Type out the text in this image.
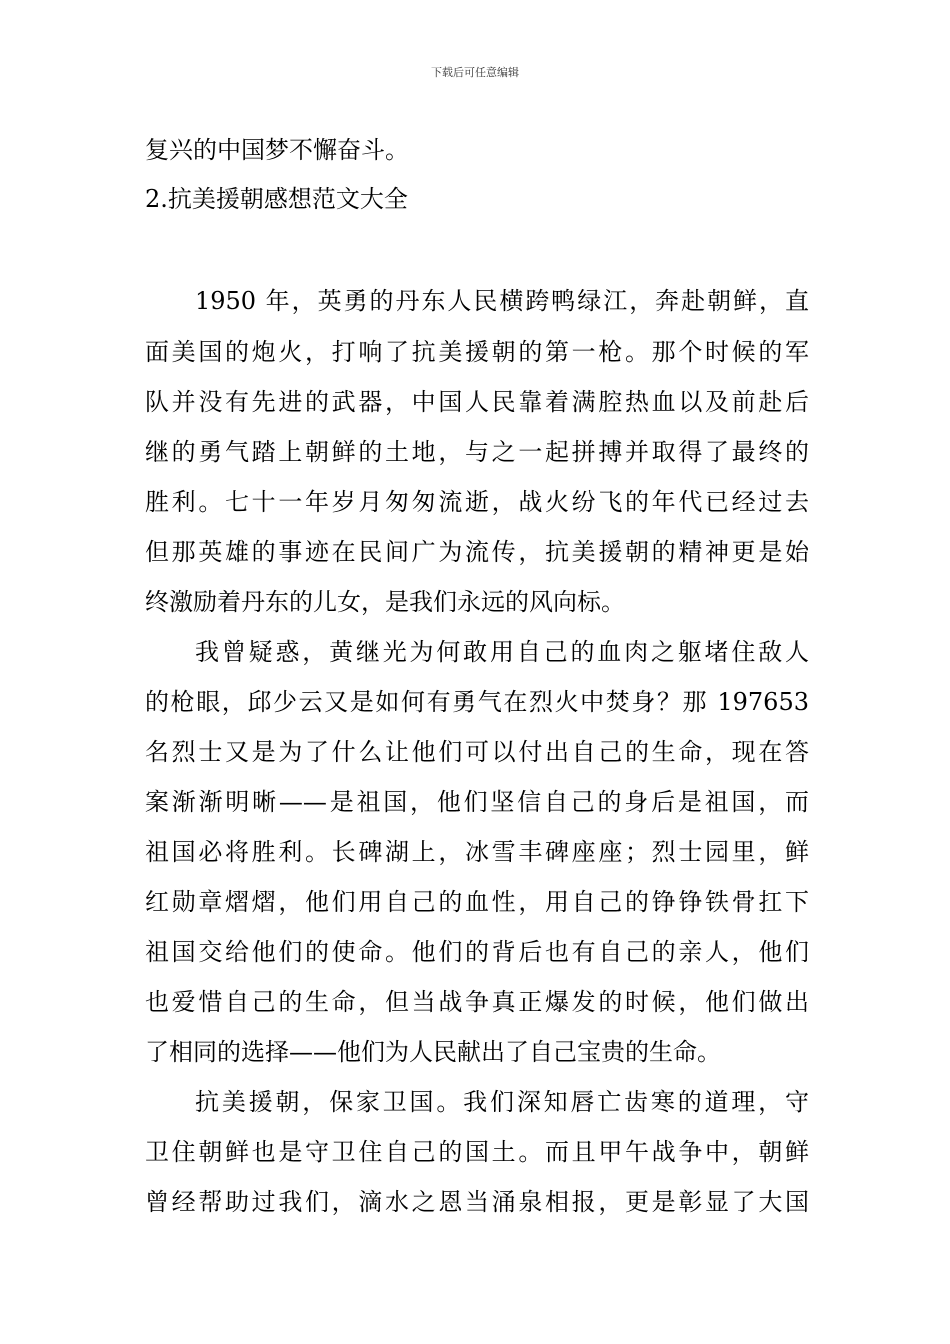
下载后可任意编辑
复兴的中国梦不懈奋斗。
2.抗美援朝感想范文大全
1950 年，英勇的丹东人民横跨鸭绿江，奔赴朝鲜，直
面美国的炮火，打响了抗美援朝的第一枪。那个时候的军
队并没有先进的武器，中国人民靠着满腔热血以及前赴后
继的勇气踏上朝鲜的土地，与之一起拼搏并取得了最终的
胜利。七十一年岁月匆匆流逝，战火纷飞的年代已经过去
但那英雄的事迹在民间广为流传，抗美援朝的精神更是始
终激励着丹东的儿女，是我们永远的风向标。
我曾疑惑，黄继光为何敢用自己的血肉之躯堵住敌人
的枪眼，邱少云又是如何有勇气在烈火中焚身？那 197653
名烈士又是为了什么让他们可以付出自己的生命，现在答
案渐渐明晰——是祖国，他们坚信自己的身后是祖国，而
祖国必将胜利。长碑湖上，冰雪丰碑座座；烈士园里，鲜
红勋章熠熠，他们用自己的血性，用自己的铮铮铁骨扛下
祖国交给他们的使命。他们的背后也有自己的亲人，他们
也爱惜自己的生命，但当战争真正爆发的时候，他们做出
了相同的选择——他们为人民献出了自己宝贵的生命。
抗美援朝，保家卫国。我们深知唇亡齿寒的道理，守
卫住朝鲜也是守卫住自己的国土。而且甲午战争中，朝鲜
曾经帮助过我们，滴水之恩当涌泉相报，更是彰显了大国
